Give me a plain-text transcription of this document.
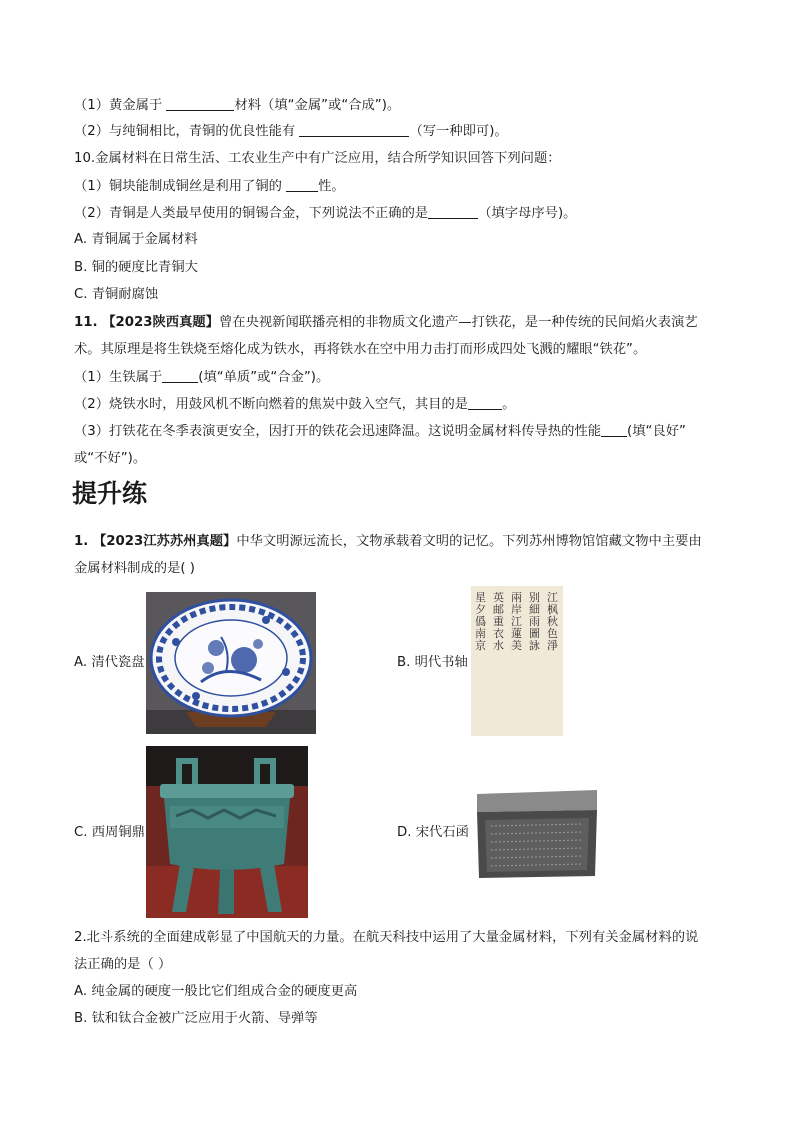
（1）黄金属于	材料（填“金属”或“合成”)。
（2）与纯铜相比，青铜的优良性能有	（写一种即可)。
10.金属材料在日常生活、工农业生产中有广泛应用，结合所学知识回答下列问题：
（1）铜块能制成铜丝是利用了铜的 性。
（2）青铜是人类最早使用的铜锡合金，下列说法不正确的是	（填字母序号)。
A. 青铜属于金属材料
B. 铜的硬度比青铜大
C. 青铜耐腐蚀
11. 【2023陕西真题】曾在央视新闻联播亮相的非物质文化遗产—打铁花，是一种传统的民间焰火表演艺
术。其原理是将生铁烧至熔化成为铁水，再将铁水在空中用力击打而形成四处飞溅的耀眼“铁花”。
（1）生铁属于	(填“单质”或“合金”)。
（2）烧铁水时，用鼓风机不断向燃着的焦炭中鼓入空气，其目的是	。
（3）打铁花在冬季表演更安全，因打开的铁花会迅速降温。这说明金属材料传导热的性能 (填“良好”
或“不好”)。
提升练
1. 【2023江苏苏州真题】中华文明源远流长，文物承载着文明的记忆。下列苏州博物馆馆藏文物中主要由
金属材料制成的是( )
A. 清代瓷盘	B. 明代书轴
江枫秋色淨
别細雨圖詠
兩岸江蓮美
英邮重衣水
星夕僞南京
C. 西周铜鼎	D. 宋代石函
2.北斗系统的全面建成彰显了中国航天的力量。在航天科技中运用了大量金属材料，下列有关金属材料的说
法正确的是（ ）
A. 纯金属的硬度一般比它们组成合金的硬度更高
B. 钛和钛合金被广泛应用于火箭、导弹等
